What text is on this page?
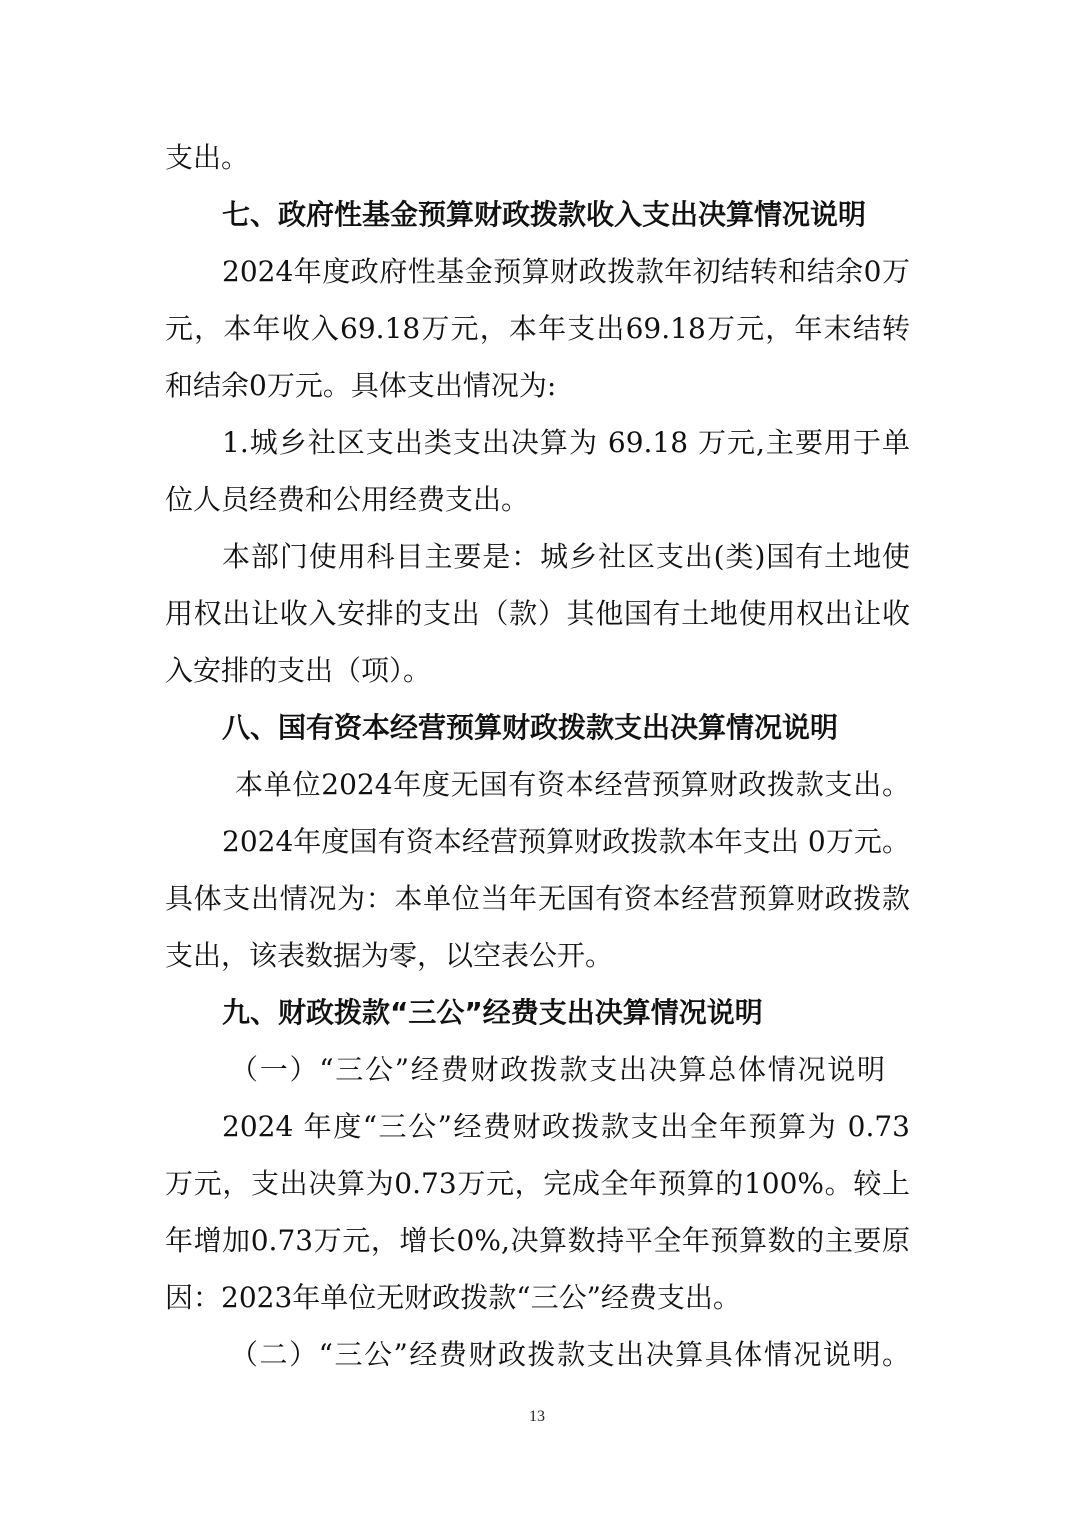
支出。
七、政府性基金预算财政拨款收入支出决算情况说明
2024年度政府性基金预算财政拨款年初结转和结余0万
元，本年收入69.18万元，本年支出69.18万元，年末结转
和结余0万元。具体支出情况为:
1.城乡社区支出类支出决算为 69.18 万元,主要用于单
位人员经费和公用经费支出。
本部门使用科目主要是：城乡社区支出(类)国有土地使
用权出让收入安排的支出（款）其他国有土地使用权出让收
入安排的支出（项）。
八、国有资本经营预算财政拨款支出决算情况说明
本单位2024年度无国有资本经营预算财政拨款支出。
2024年度国有资本经营预算财政拨款本年支出 0万元。
具体支出情况为：本单位当年无国有资本经营预算财政拨款
支出，该表数据为零，以空表公开。
九、财政拨款“三公”经费支出决算情况说明
（一）“三公”经费财政拨款支出决算总体情况说明
2024 年度“三公”经费财政拨款支出全年预算为 0.73
万元，支出决算为0.73万元，完成全年预算的100%。较上
年增加0.73万元，增长0%,决算数持平全年预算数的主要原
因：2023年单位无财政拨款“三公”经费支出。
（二）“三公”经费财政拨款支出决算具体情况说明。
13
